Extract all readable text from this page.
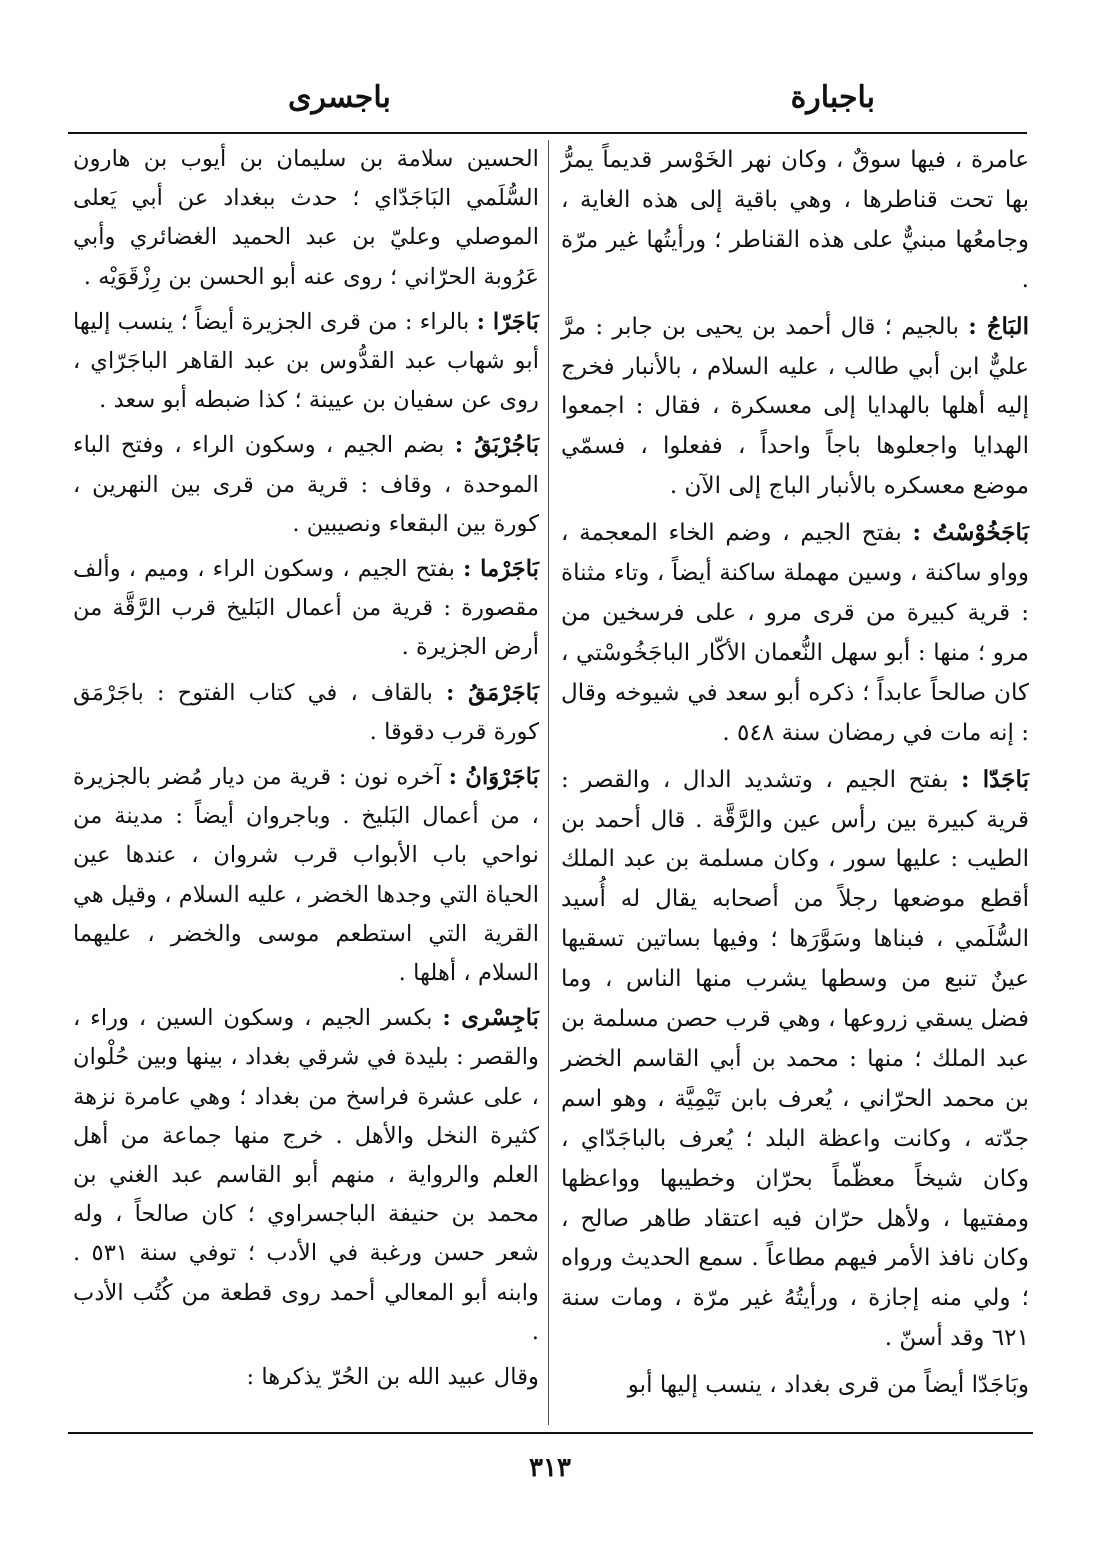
باجبارة
باجسرى

عامرة ، فيها سوقٌ ، وكان نهر الخَوْسر قديماً يمرُّ بها تحت قناطرها ، وهي باقية إلى هذه الغاية ، وجامعُها مبنيٌّ على هذه القناطر ؛ ورأيتُها غير مرّة .

البَاجُ : بالجيم ؛ قال أحمد بن يحيى بن جابر : مرَّ عليٌّ ابن أبي طالب ، عليه السلام ، بالأنبار فخرج إليه أهلها بالهدايا إلى معسكرة ، فقال : اجمعوا الهدايا واجعلوها باجاً واحداً ، ففعلوا ، فسمّي موضع معسكره بالأنبار الباج إلى الآن .

بَاجَخُوْسْتُ : بفتح الجيم ، وضم الخاء المعجمة ، وواو ساكنة ، وسين مهملة ساكنة أيضاً ، وتاء مثناة : قرية كبيرة من قرى مرو ، على فرسخين من مرو ؛ منها : أبو سهل النُّعمان الأكّار الباجَخُوسْتي ، كان صالحاً عابداً ؛ ذكره أبو سعد في شيوخه وقال : إنه مات في رمضان سنة ٥٤٨ .

بَاجَدّا : بفتح الجيم ، وتشديد الدال ، والقصر : قرية كبيرة بين رأس عين والرَّقَّة . قال أحمد بن الطيب : عليها سور ، وكان مسلمة بن عبد الملك أقطع موضعها رجلاً من أصحابه يقال له أُسيد السُّلَمي ، فبناها وسَوَّرَها ؛ وفيها بساتين تسقيها عينٌ تنبع من وسطها يشرب منها الناس ، وما فضل يسقي زروعها ، وهي قرب حصن مسلمة بن عبد الملك ؛ منها : محمد بن أبي القاسم الخضر بن محمد الحرّاني ، يُعرف بابن تَيْمِيَّة ، وهو اسم جدّته ، وكانت واعظة البلد ؛ يُعرف بالباجَدّاي ، وكان شيخاً معظّماً بحرّان وخطيبها وواعظها ومفتيها ، ولأهل حرّان فيه اعتقاد طاهر صالح ، وكان نافذ الأمر فيهم مطاعاً . سمع الحديث ورواه ؛ ولي منه إجازة ، ورأيتُهُ غير مرّة ، ومات سنة ٦٢١ وقد أسنّ .

وبَاجَدّا أيضاً من قرى بغداد ، ينسب إليها أبو

الحسين سلامة بن سليمان بن أيوب بن هارون السُّلَمي البَاجَدّاي ؛ حدث ببغداد عن أبي يَعلى الموصلي وعليّ بن عبد الحميد الغضائري وأبي عَرُوبة الحرّاني ؛ روى عنه أبو الحسن بن رِزْقَوَيْه .

بَاجَرّا : بالراء : من قرى الجزيرة أيضاً ؛ ينسب إليها أبو شهاب عبد القدُّوس بن عبد القاهر الباجَرّاي ، روى عن سفيان بن عيينة ؛ كذا ضبطه أبو سعد .

بَاجُرْبَقُ : بضم الجيم ، وسكون الراء ، وفتح الباء الموحدة ، وقاف : قرية من قرى بين النهرين ، كورة بين البقعاء ونصيبين .

بَاجَرْما : بفتح الجيم ، وسكون الراء ، وميم ، وألف مقصورة : قرية من أعمال البَليخ قرب الرَّقَّة من أرض الجزيرة .

بَاجَرْمَقُ : بالقاف ، في كتاب الفتوح : باجَرْمَق كورة قرب دقوقا .

بَاجَرْوَانُ : آخره نون : قرية من ديار مُضر بالجزيرة ، من أعمال البَليخ . وباجروان أيضاً : مدينة من نواحي باب الأبواب قرب شروان ، عندها عين الحياة التي وجدها الخضر ، عليه السلام ، وقيل هي القرية التي استطعم موسى والخضر ، عليهما السلام ، أهلها .

بَاجِسْرى : بكسر الجيم ، وسكون السين ، وراء ، والقصر : بليدة في شرقي بغداد ، بينها وبين حُلْوان ، على عشرة فراسخ من بغداد ؛ وهي عامرة نزهة كثيرة النخل والأهل . خرج منها جماعة من أهل العلم والرواية ، منهم أبو القاسم عبد الغني بن محمد بن حنيفة الباجسراوي ؛ كان صالحاً ، وله شعر حسن ورغبة في الأدب ؛ توفي سنة ٥٣١ . وابنه أبو المعالي أحمد روى قطعة من كُتُب الأدب .

وقال عبيد الله بن الحُرّ يذكرها :

٣١٣
